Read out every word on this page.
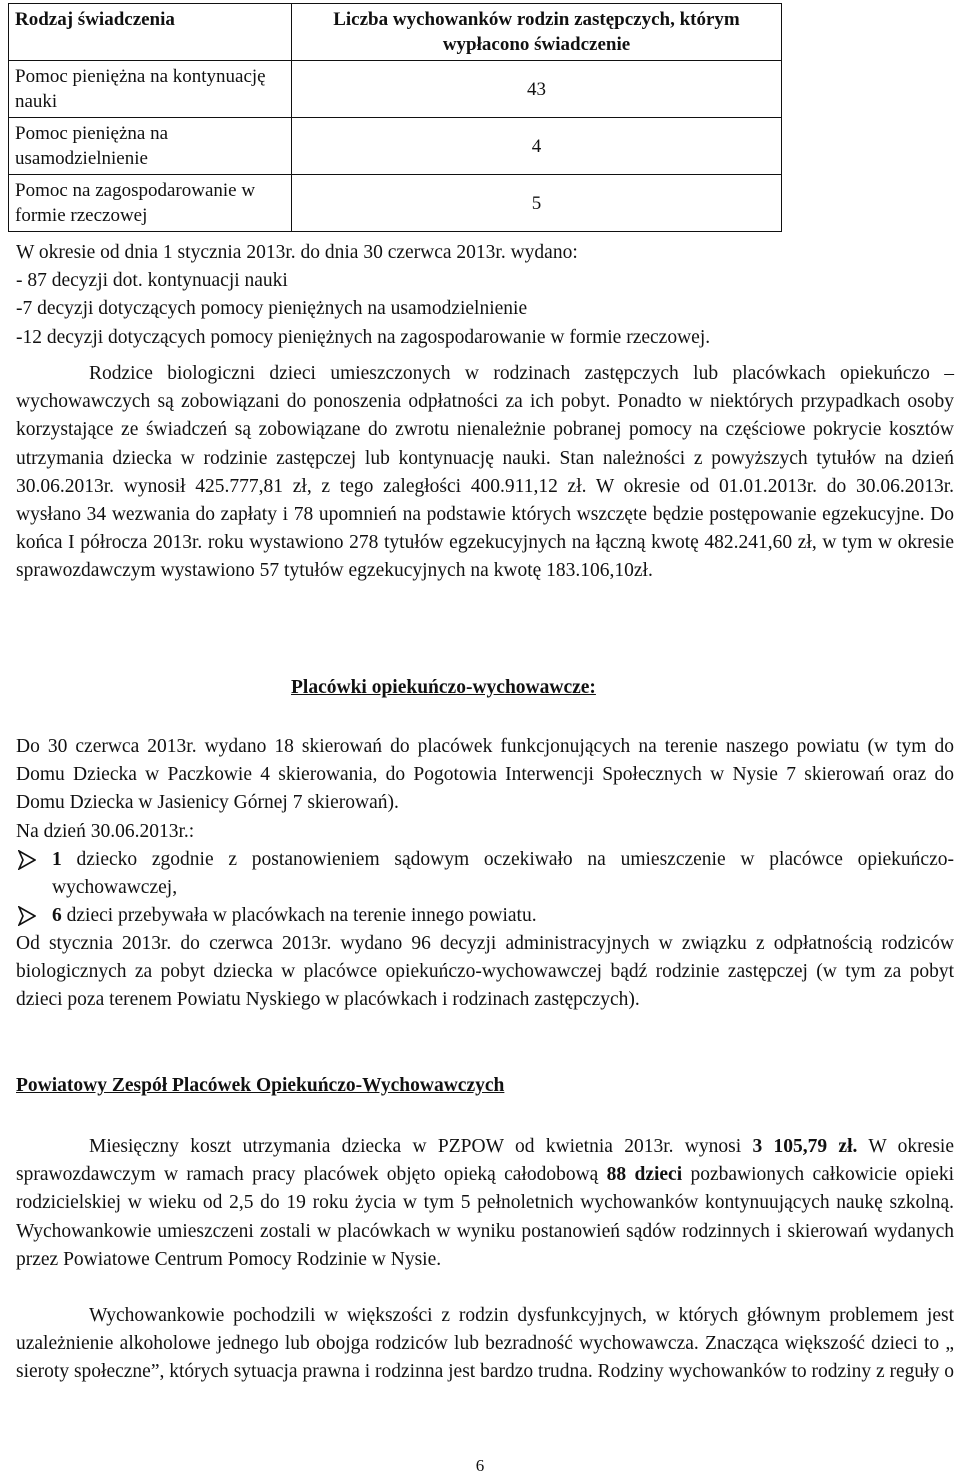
Rodzaj świadczenia	Liczba wychowanków rodzin zastępczych, którym wypłacono świadczenie
Pomoc pieniężna na kontynuację nauki	43
Pomoc pieniężna na usamodzielnienie	4
Pomoc na zagospodarowanie w formie rzeczowej	5
W okresie od dnia 1 stycznia 2013r. do dnia 30 czerwca 2013r. wydano:
- 87 decyzji dot. kontynuacji nauki
-7 decyzji dotyczących pomocy pieniężnych na usamodzielnienie
-12 decyzji dotyczących pomocy pieniężnych na zagospodarowanie w formie rzeczowej.
Rodzice biologiczni dzieci umieszczonych w rodzinach zastępczych lub placówkach opiekuńczo – wychowawczych są zobowiązani do ponoszenia odpłatności za ich pobyt. Ponadto w niektórych przypadkach osoby korzystające ze świadczeń są zobowiązane do zwrotu nienależnie pobranej pomocy na częściowe pokrycie kosztów utrzymania dziecka w rodzinie zastępczej lub kontynuację nauki. Stan należności z powyższych tytułów na dzień 30.06.2013r. wynosił 425.777,81 zł, z tego zaległości 400.911,12 zł. W okresie od 01.01.2013r. do 30.06.2013r. wysłano 34 wezwania do zapłaty i 78 upomnień na podstawie których wszczęte będzie postępowanie egzekucyjne. Do końca I półrocza 2013r. roku wystawiono 278 tytułów egzekucyjnych na łączną kwotę 482.241,60 zł, w tym w okresie sprawozdawczym wystawiono 57 tytułów egzekucyjnych na kwotę 183.106,10zł.
Placówki opiekuńczo-wychowawcze:
Do 30 czerwca 2013r. wydano 18 skierowań do placówek funkcjonujących na terenie naszego powiatu (w tym do Domu Dziecka w Paczkowie 4 skierowania, do Pogotowia Interwencji Społecznych w Nysie 7 skierowań oraz do Domu Dziecka w Jasienicy Górnej 7 skierowań).
Na dzień 30.06.2013r.:
1 dziecko zgodnie z postanowieniem sądowym oczekiwało na umieszczenie w placówce opiekuńczo-wychowawczej,
6 dzieci przebywała w placówkach na terenie innego powiatu.
Od stycznia 2013r. do czerwca 2013r. wydano 96 decyzji administracyjnych w związku z odpłatnością rodziców biologicznych za pobyt dziecka w placówce opiekuńczo-wychowawczej bądź rodzinie zastępczej (w tym za pobyt dzieci poza terenem Powiatu Nyskiego w placówkach i rodzinach zastępczych).
Powiatowy Zespół Placówek Opiekuńczo-Wychowawczych
Miesięczny koszt utrzymania dziecka w PZPOW od kwietnia 2013r. wynosi 3 105,79 zł. W okresie sprawozdawczym w ramach pracy placówek objęto opieką całodobową 88 dzieci pozbawionych całkowicie opieki rodzicielskiej w wieku od 2,5 do 19 roku życia w tym 5 pełnoletnich wychowanków kontynuujących naukę szkolną. Wychowankowie umieszczeni zostali w placówkach w wyniku postanowień sądów rodzinnych i skierowań wydanych przez Powiatowe Centrum Pomocy Rodzinie w Nysie.
Wychowankowie pochodzili w większości z rodzin dysfunkcyjnych, w których głównym problemem jest uzależnienie alkoholowe jednego lub obojga rodziców lub bezradność wychowawcza. Znacząca większość dzieci to „ sieroty społeczne”, których sytuacja prawna i rodzinna jest bardzo trudna. Rodziny wychowanków to rodziny z reguły o
6
